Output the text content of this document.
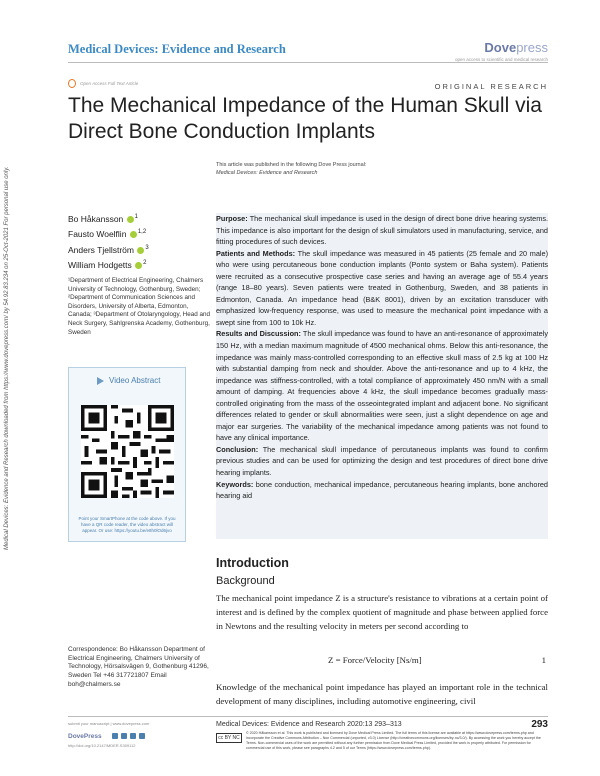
Medical Devices: Evidence and Research	Dovepress
open access to scientific and medical research
Open Access Full Text Article	ORIGINAL RESEARCH
The Mechanical Impedance of the Human Skull via Direct Bone Conduction Implants
Medical Devices: Evidence and Research downloaded from https://www.dovepress.com/ by 54.92.83.234 on 25-Oct-2021 For personal use only.
This article was published in the following Dove Press journal:
Medical Devices: Evidence and Research
Bo Håkansson $^1$
Fausto Woelflin $^{1,2}$
Anders Tjellström $^3$
William Hodgetts $^2$
¹Department of Electrical Engineering, Chalmers University of Technology, Gothenburg, Sweden; ²Department of Communication Sciences and Disorders, University of Alberta, Edmonton, Canada; ³Department of Otolaryngology, Head and Neck Surgery, Sahlgrenska Academy, Gothenburg, Sweden
Video Abstract
Point your SmartPhone at the code above. If you have a QR code reader, the video abstract will appear. Or use: https://youtu.be/e8h0lOd6jvo
Correspondence: Bo Håkansson Department of Electrical Engineering, Chalmers University of Technology, Hörsalsvägen 9, Gothenburg 41296, Sweden Tel +46 317721807 Email boh@chalmers.se

Purpose: The mechanical skull impedance is used in the design of direct bone drive hearing systems. This impedance is also important for the design of skull simulators used in manufacturing, service, and fitting procedures of such devices.

Patients and Methods: The skull impedance was measured in 45 patients (25 female and 20 male) who were using percutaneous bone conduction implants (Ponto system or Baha system). Patients were recruited as a consecutive prospective case series and having an average age of 55.4 years (range 18–80 years). Seven patients were treated in Gothenburg, Sweden, and 38 patients in Edmonton, Canada. An impedance head (B&K 8001), driven by an excitation transducer with emphasized low-frequency response, was used to measure the mechanical point impedance with a swept sine from 100 to 10k Hz.

Results and Discussion: The skull impedance was found to have an anti-resonance of approximately 150 Hz, with a median maximum magnitude of 4500 mechanical ohms. Below this anti-resonance, the impedance was mainly mass-controlled corresponding to an effective skull mass of 2.5 kg at 100 Hz with substantial damping from neck and shoulder. Above the anti-resonance and up to 4 kHz, the impedance was stiffness-controlled, with a total compliance of approximately 450 nm/N with a small amount of damping. At frequencies above 4 kHz, the skull impedance becomes gradually mass-controlled originating from the mass of the osseointegrated implant and adjacent bone. No significant differences related to gender or skull abnormalities were seen, just a slight dependence on age and major ear surgeries. The variability of the mechanical impedance among patients was not found to have any clinical importance.

Conclusion: The mechanical skull impedance of percutaneous implants was found to confirm previous studies and can be used for optimizing the design and test procedures of direct bone drive hearing implants.

Keywords: bone conduction, mechanical impedance, percutaneous hearing implants, bone anchored hearing aid

Introduction
Background
The mechanical point impedance Z is a structure's resistance to vibrations at a certain point of interest and is defined by the complex quotient of magnitude and phase between applied force in Newtons and the resulting velocity in meters per second according to
Z = Force/Velocity [Ns/m]	1
Knowledge of the mechanical point impedance has played an important role in the technical development of many disciplines, including automotive engineering, civil
submit your manuscript | www.dovepress.com
DovePress
http://doi.org/10.2147/MDER.S309112
Medical Devices: Evidence and Research 2020:13 293–313	293
cc BY NC
© 2020 Håkansson et al. This work is published and licensed by Dove Medical Press Limited. The full terms of this license are available at https://www.dovepress.com/terms.php and incorporate the Creative Commons Attribution – Non Commercial (unported, v3.0) License (http://creativecommons.org/licenses/by-nc/3.0/). By accessing the work you hereby accept the Terms. Non-commercial uses of the work are permitted without any further permission from Dove Medical Press Limited, provided the work is properly attributed. For permission for commercial use of this work, please see paragraphs 4.2 and 5 of our Terms (https://www.dovepress.com/terms.php).
